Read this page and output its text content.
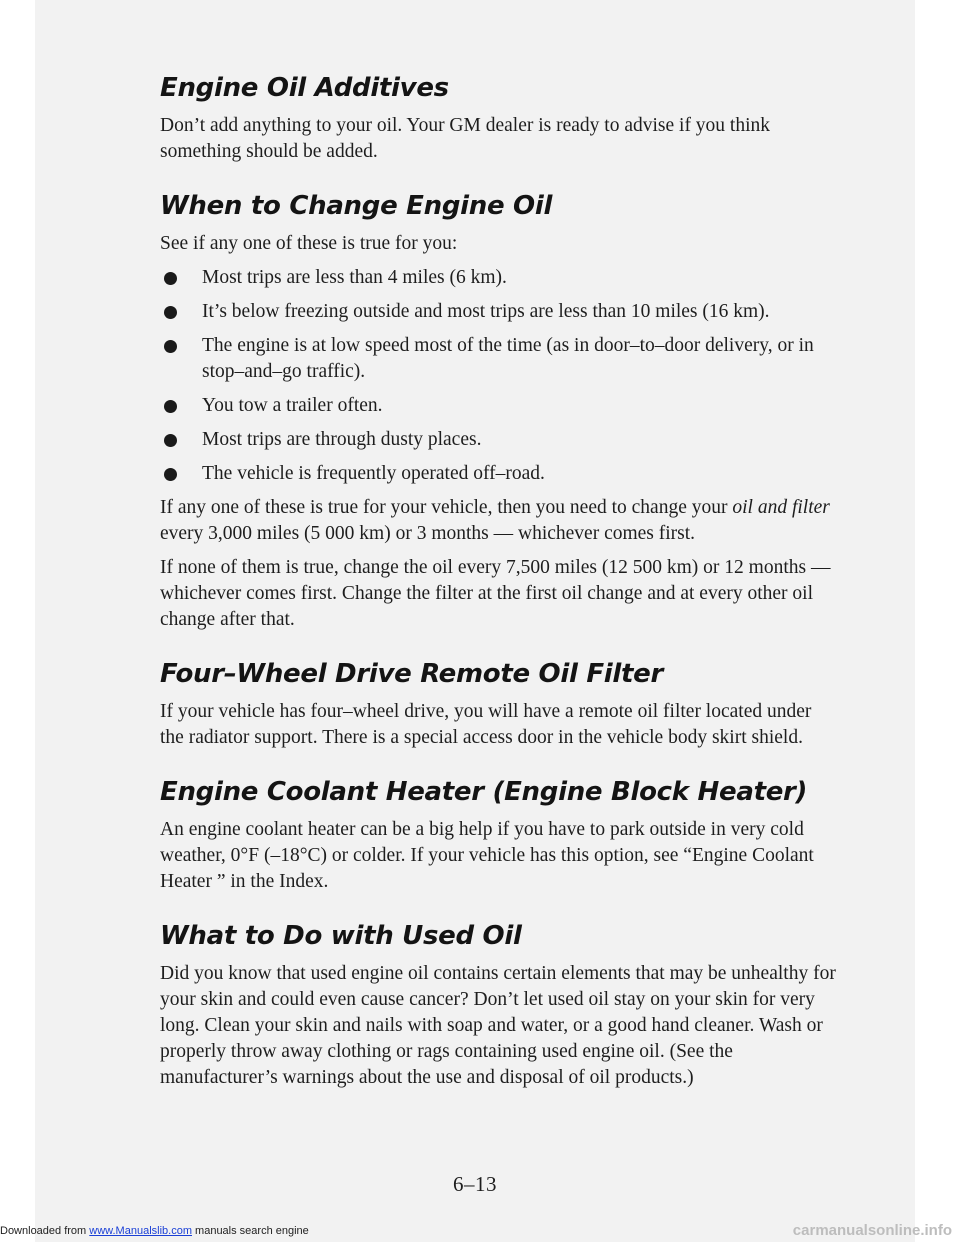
Engine Oil Additives

Don’t add anything to your oil. Your GM dealer is ready to advise if you think something should be added.

When to Change Engine Oil

See if any one of these is true for you:

Most trips are less than 4 miles (6 km).
It’s below freezing outside and most trips are less than 10 miles (16 km).
The engine is at low speed most of the time (as in door–to–door delivery, or in stop–and–go traffic).
You tow a trailer often.
Most trips are through dusty places.
The vehicle is frequently operated off–road.

If any one of these is true for your vehicle, then you need to change your oil and filter every 3,000 miles (5 000 km) or 3 months — whichever comes first.

If none of them is true, change the oil every 7,500 miles (12 500 km) or 12 months — whichever comes first. Change the filter at the first oil change and at every other oil change after that.

Four–Wheel Drive Remote Oil Filter

If your vehicle has four–wheel drive, you will have a remote oil filter located under the radiator support. There is a special access door in the vehicle body skirt shield.

Engine Coolant Heater (Engine Block Heater)

An engine coolant heater can be a big help if you have to park outside in very cold weather, 0°F (–18°C) or colder. If your vehicle has this option, see “Engine Coolant Heater ” in the Index.

What to Do with Used Oil

Did you know that used engine oil contains certain elements that may be unhealthy for your skin and could even cause cancer? Don’t let used oil stay on your skin for very long. Clean your skin and nails with soap and water, or a good hand cleaner. Wash or properly throw away clothing or rags containing used engine oil. (See the manufacturer’s warnings about the use and disposal of oil products.)

6–13
Downloaded from www.Manualslib.com manuals search engine	carmanualsonline.info
